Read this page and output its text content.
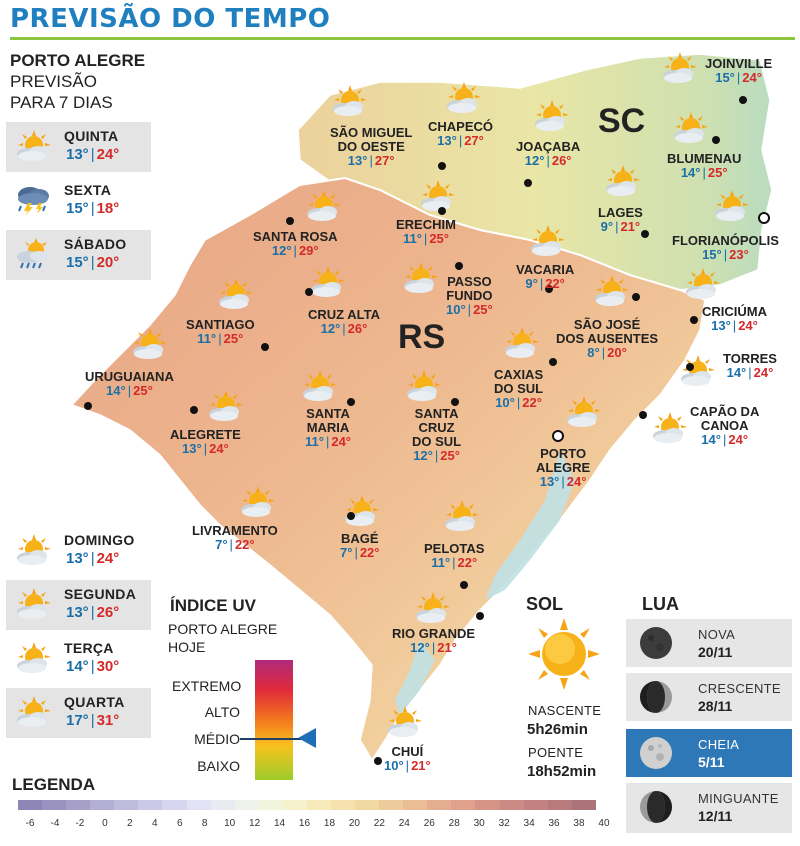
PREVISÃO DO TEMPO
SC
RS
JOINVILLE
15° | 24°
SÃO MIGUEL
DO OESTE
13° | 27°
CHAPECÓ
13° | 27°	JOAÇABA
12° | 26°	BLUMENAU
14° | 25°
LAGES
9° | 21°
FLORIANÓPOLIS
15° | 23°
SANTA ROSA
12° | 29°
ERECHIM
11° | 25°
VACARIA
9° | 22°
PASSO
FUNDO
10° | 25°
SANTIAGO
11° | 25°
CRUZ ALTA
12° | 26°
CRICIÚMA
13° | 24°
SÃO JOSÉ
DOS AUSENTES
8° | 20°	TORRES
14° | 24°
URUGUAIANA
14° | 25°
CAXIAS
DO SUL
10° | 22°
CAPÃO DA
CANOA
14° | 24°
ALEGRETE
13° | 24°
SANTA
MARIA
11° | 24°
SANTA
CRUZ
DO SUL
12° | 25°	PORTO
ALEGRE
13° | 24°
LIVRAMENTO
7° | 22°	BAGÉ
7° | 22°	PELOTAS
11° | 22°
RIO GRANDE
12° | 21°
CHUÍ
10° | 21°
PORTO ALEGRE
PREVISÃO
PARA 7 DIAS
QUINTA
13° | 24°
SEXTA
15° | 18°
SÁBADO
15° | 20°
DOMINGO
13° | 24°
SEGUNDA
13° | 26°
TERÇA
14° | 30°
QUARTA
17° | 31°
ÍNDICE UV
PORTO ALEGRE
HOJE
EXTREMO
ALTO
MÉDIO
BAIXO
SOL
NASCENTE
5h26min
POENTE
18h52min
LUA
NOVA
20/11
CRESCENTE
28/11
CHEIA
5/11
MINGUANTE
12/11
LEGENDA
-6	-4	-2	0	2	4	6	8	10	12	14	16	18	20	22	24	26	28	30	32	34	36	38	40
